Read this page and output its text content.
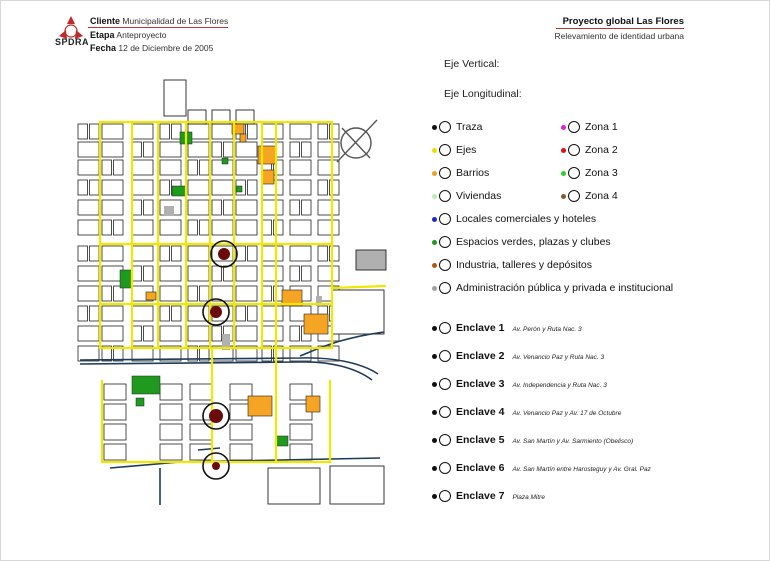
SPDRA
Cliente Municipalidad de Las Flores
Etapa Anteproyecto
Fecha 12 de Diciembre de 2005
Proyecto global Las Flores
Relevamiento de identidad urbana
Eje Vertical:
Eje Longitudinal:
Traza
Ejes
Barrios
Viviendas
Locales comerciales y hoteles
Espacios verdes, plazas y clubes
Industria, talleres y depósitos
Administración pública y privada e institucional
Zona 1
Zona 2
Zona 3
Zona 4
Enclave 1 Av. Perón y Ruta Nac. 3
Enclave 2 Av. Venancio Paz y Ruta Nac. 3
Enclave 3 Av. Independencia y Ruta Nac. 3
Enclave 4 Av. Venancio Paz y Av. 17 de Octubre
Enclave 5 Av. San Martín y Av. Sarmiento (Obelisco)
Enclave 6 Av. San Martín entre Harosteguy y Av. Gral. Paz
Enclave 7 Plaza Mitre
